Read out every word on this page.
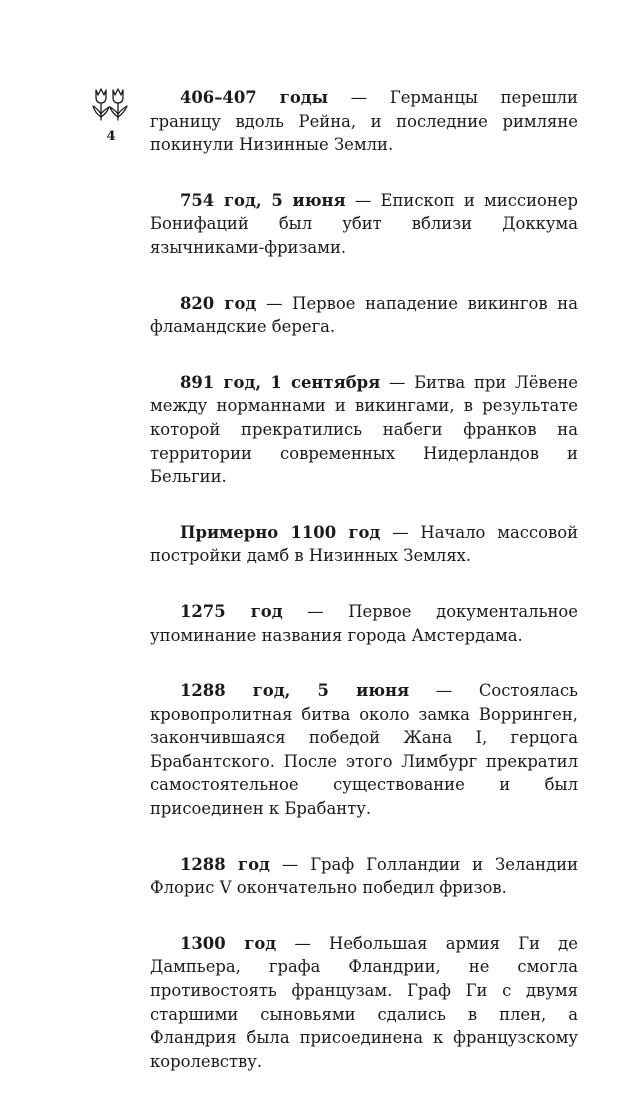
4

406–407 годы — Германцы перешли границу вдоль Рейна, и последние римляне покинули Низинные Земли.

754 год, 5 июня — Епископ и миссионер Бонифаций был убит вблизи Доккума язычниками-фризами.

820 год — Первое нападение викингов на фламандские берега.

891 год, 1 сентября — Битва при Лёвене между норманнами и викингами, в результате которой прекратились набеги франков на территории современных Нидерландов и Бельгии.

Примерно 1100 год — Начало массовой постройки дамб в Низинных Землях.

1275 год — Первое документальное упоминание названия города Амстердама.

1288 год, 5 июня — Состоялась кровопролитная битва около замка Ворринген, закончившаяся победой Жана I, герцога Брабантского. После этого Лимбург прекратил самостоятельное существование и был присоединен к Брабанту.

1288 год — Граф Голландии и Зеландии Флорис V окончательно победил фризов.

1300 год — Небольшая армия Ги де Дампьера, графа Фландрии, не смогла противостоять французам. Граф Ги с двумя старшими сыновьями сдались в плен, а Фландрия была присоединена к французскому королевству.
